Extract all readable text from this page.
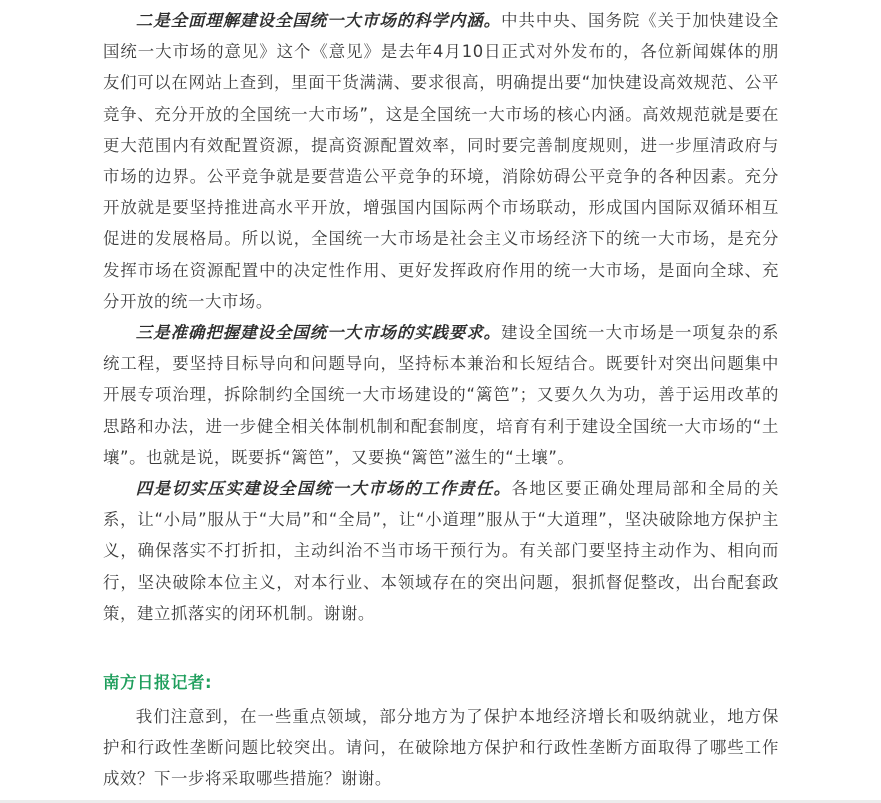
二是全面理解建设全国统一大市场的科学内涵。中共中央、国务院《关于加快建设全国统一大市场的意见》这个《意见》是去年4月10日正式对外发布的，各位新闻媒体的朋友们可以在网站上查到，里面干货满满、要求很高，明确提出要“加快建设高效规范、公平竞争、充分开放的全国统一大市场”，这是全国统一大市场的核心内涵。高效规范就是要在更大范围内有效配置资源，提高资源配置效率，同时要完善制度规则，进一步厘清政府与市场的边界。公平竞争就是要营造公平竞争的环境，消除妨碍公平竞争的各种因素。充分开放就是要坚持推进高水平开放，增强国内国际两个市场联动，形成国内国际双循环相互促进的发展格局。所以说，全国统一大市场是社会主义市场经济下的统一大市场，是充分发挥市场在资源配置中的决定性作用、更好发挥政府作用的统一大市场，是面向全球、充分开放的统一大市场。

三是准确把握建设全国统一大市场的实践要求。建设全国统一大市场是一项复杂的系统工程，要坚持目标导向和问题导向，坚持标本兼治和长短结合。既要针对突出问题集中开展专项治理，拆除制约全国统一大市场建设的“篱笆”；又要久久为功，善于运用改革的思路和办法，进一步健全相关体制机制和配套制度，培育有利于建设全国统一大市场的“土壤”。也就是说，既要拆“篱笆”，又要换“篱笆”滋生的“土壤”。

四是切实压实建设全国统一大市场的工作责任。各地区要正确处理局部和全局的关系，让“小局”服从于“大局”和“全局”，让“小道理”服从于“大道理”，坚决破除地方保护主义，确保落实不打折扣，主动纠治不当市场干预行为。有关部门要坚持主动作为、相向而行，坚决破除本位主义，对本行业、本领域存在的突出问题，狠抓督促整改，出台配套政策，建立抓落实的闭环机制。谢谢。

南方日报记者:

我们注意到，在一些重点领域，部分地方为了保护本地经济增长和吸纳就业，地方保护和行政性垄断问题比较突出。请问，在破除地方保护和行政性垄断方面取得了哪些工作成效？下一步将采取哪些措施？谢谢。
